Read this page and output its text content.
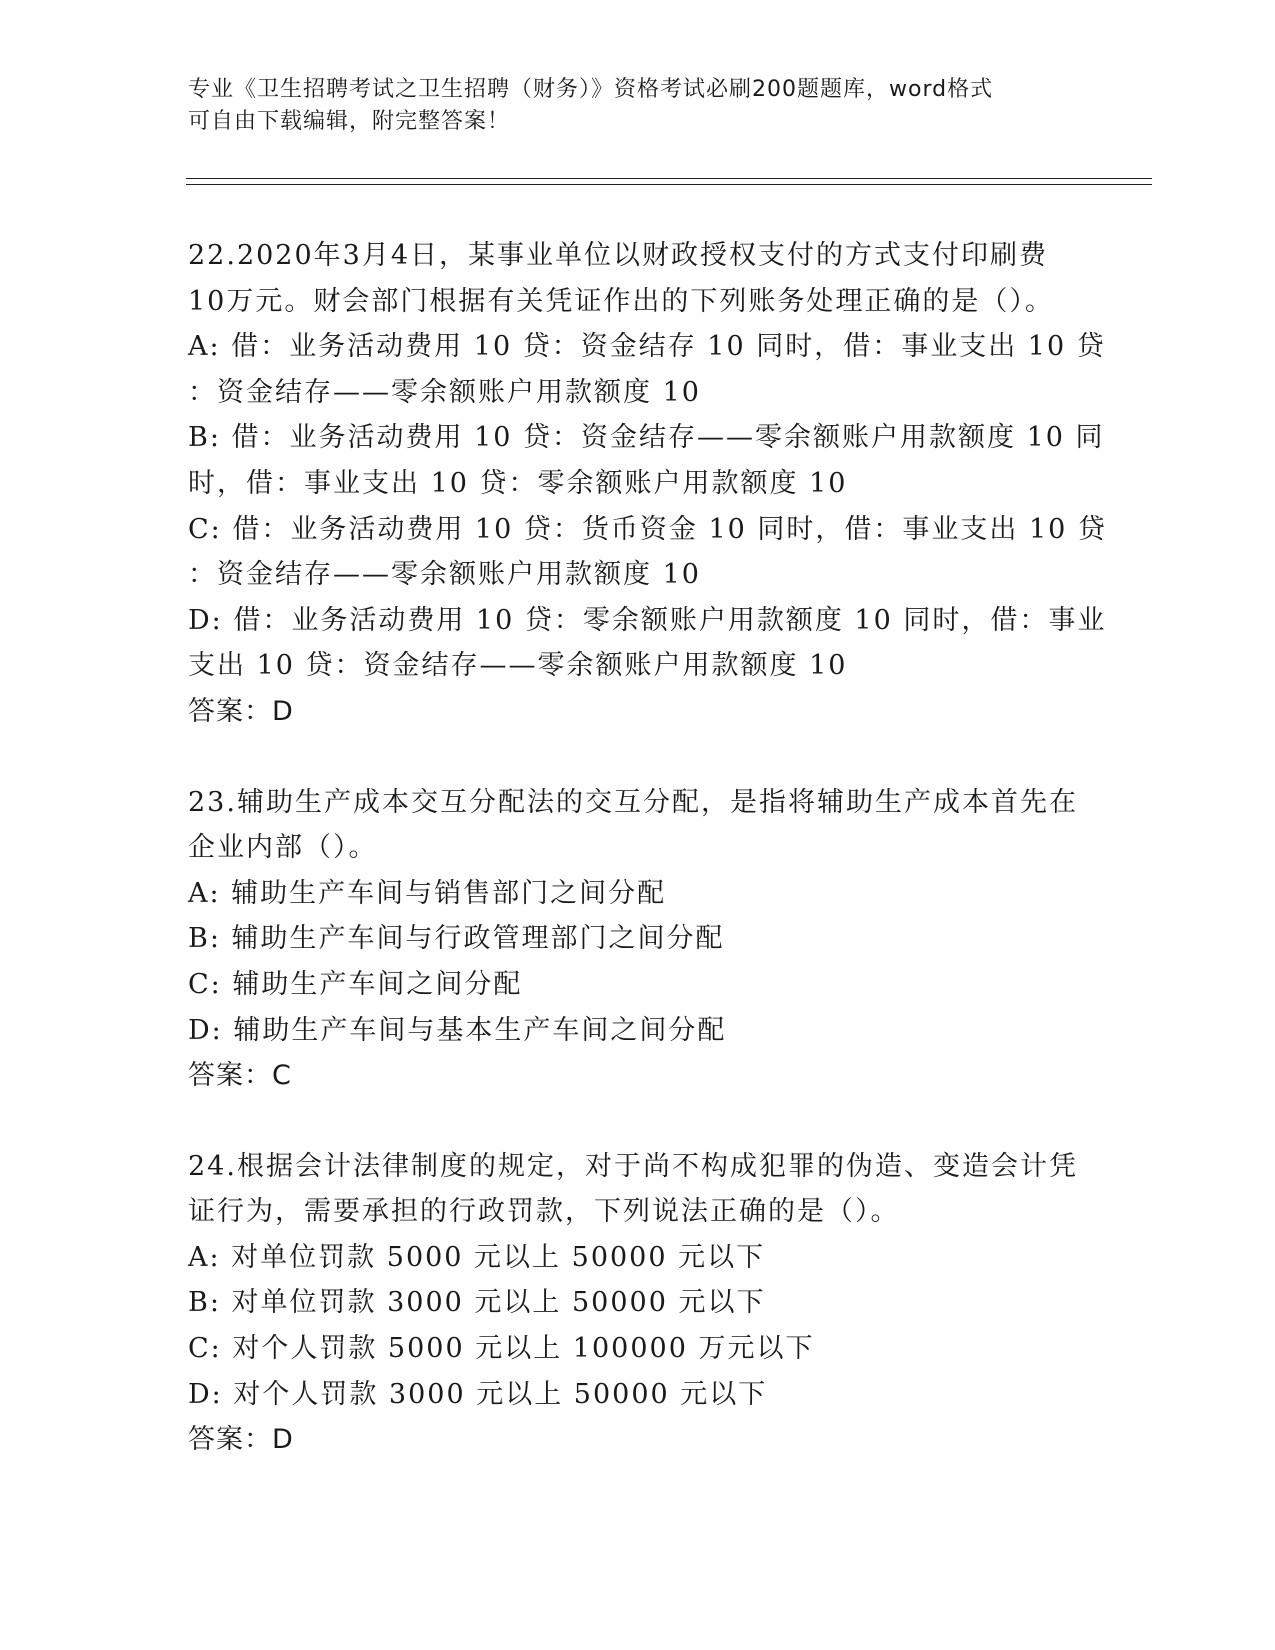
专业《卫生招聘考试之卫生招聘（财务）》资格考试必刷200题题库，word格式
可自由下载编辑，附完整答案！
22.2020年3月4日，某事业单位以财政授权支付的方式支付印刷费
10万元。财会部门根据有关凭证作出的下列账务处理正确的是（）。
A: 借：业务活动费用 10 贷：资金结存 10 同时，借：事业支出 10 贷
：资金结存——零余额账户用款额度 10
B: 借：业务活动费用 10 贷：资金结存——零余额账户用款额度 10 同
时，借：事业支出 10 贷：零余额账户用款额度 10
C: 借：业务活动费用 10 贷：货币资金 10 同时，借：事业支出 10 贷
：资金结存——零余额账户用款额度 10
D: 借：业务活动费用 10 贷：零余额账户用款额度 10 同时，借：事业
支出 10 贷：资金结存——零余额账户用款额度 10
答案：D
23.辅助生产成本交互分配法的交互分配，是指将辅助生产成本首先在
企业内部（）。
A: 辅助生产车间与销售部门之间分配
B: 辅助生产车间与行政管理部门之间分配
C: 辅助生产车间之间分配
D: 辅助生产车间与基本生产车间之间分配
答案：C
24.根据会计法律制度的规定，对于尚不构成犯罪的伪造、变造会计凭
证行为，需要承担的行政罚款，下列说法正确的是（）。
A: 对单位罚款 5000 元以上 50000 元以下
B: 对单位罚款 3000 元以上 50000 元以下
C: 对个人罚款 5000 元以上 100000 万元以下
D: 对个人罚款 3000 元以上 50000 元以下
答案：D
